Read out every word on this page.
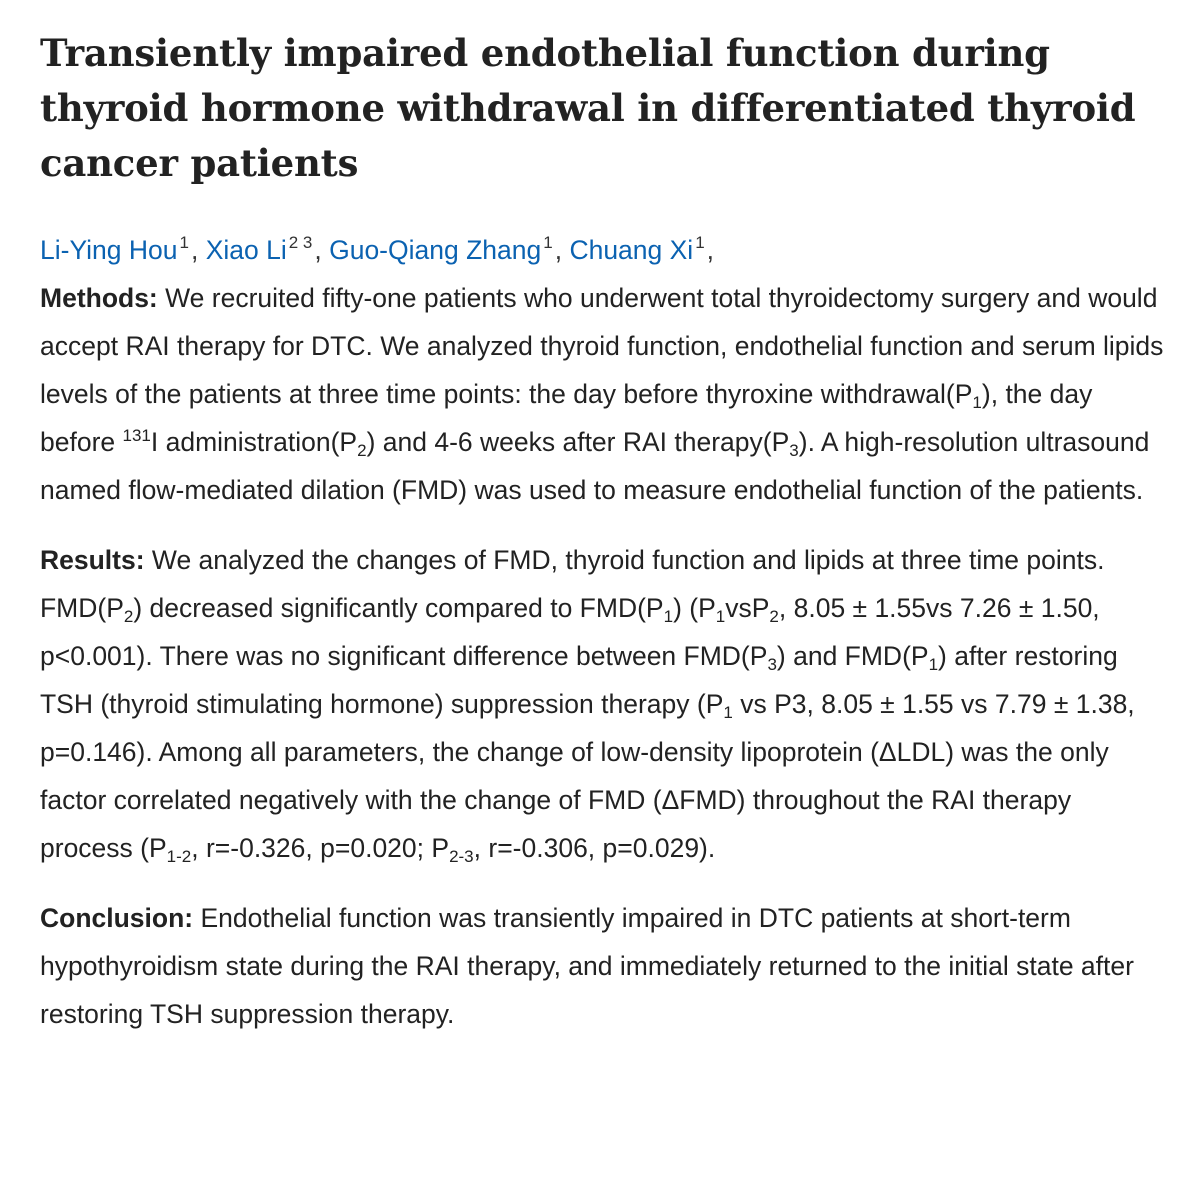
Transiently impaired endothelial function during thyroid hormone withdrawal in differentiated thyroid cancer patients
Li-Ying Hou $^1$, Xiao Li $^{2 3}$, Guo-Qiang Zhang $^1$, Chuang Xi $^1$,

Methods: We recruited fifty-one patients who underwent total thyroidectomy surgery and would accept RAI therapy for DTC. We analyzed thyroid function, endothelial function and serum lipids levels of the patients at three time points: the day before thyroxine $withdrawal(P_1)$, the day before $^{131}$I $administration(P_2)$ and 4-6 weeks after RAI $therapy(P_3)$. A high-resolution ultrasound named flow-mediated dilation (FMD) was used to measure endothelial function of the patients.

Results: We analyzed the changes of FMD, thyroid function and lipids at three time points. $FMD(P_2)$ decreased significantly compared to $FMD(P_1)$ ($P_1vsP_2$, 8.05 ± 1.55vs 7.26 ± 1.50, p<0.001). There was no significant difference between $FMD(P_3)$ and $FMD(P_1)$ after restoring TSH (thyroid stimulating hormone) suppression therapy ($P_1$ vs P3, 8.05 ± 1.55 vs 7.79 ± 1.38, p=0.146). Among all parameters, the change of low-density lipoprotein (ΔLDL) was the only factor correlated negatively with the change of FMD (ΔFMD) throughout the RAI therapy process ($P_{1-2}$, r=-0.326, p=0.020; $P_{2-3}$, r=-0.306, p=0.029).

Conclusion: Endothelial function was transiently impaired in DTC patients at short-term hypothyroidism state during the RAI therapy, and immediately returned to the initial state after restoring TSH suppression therapy.
